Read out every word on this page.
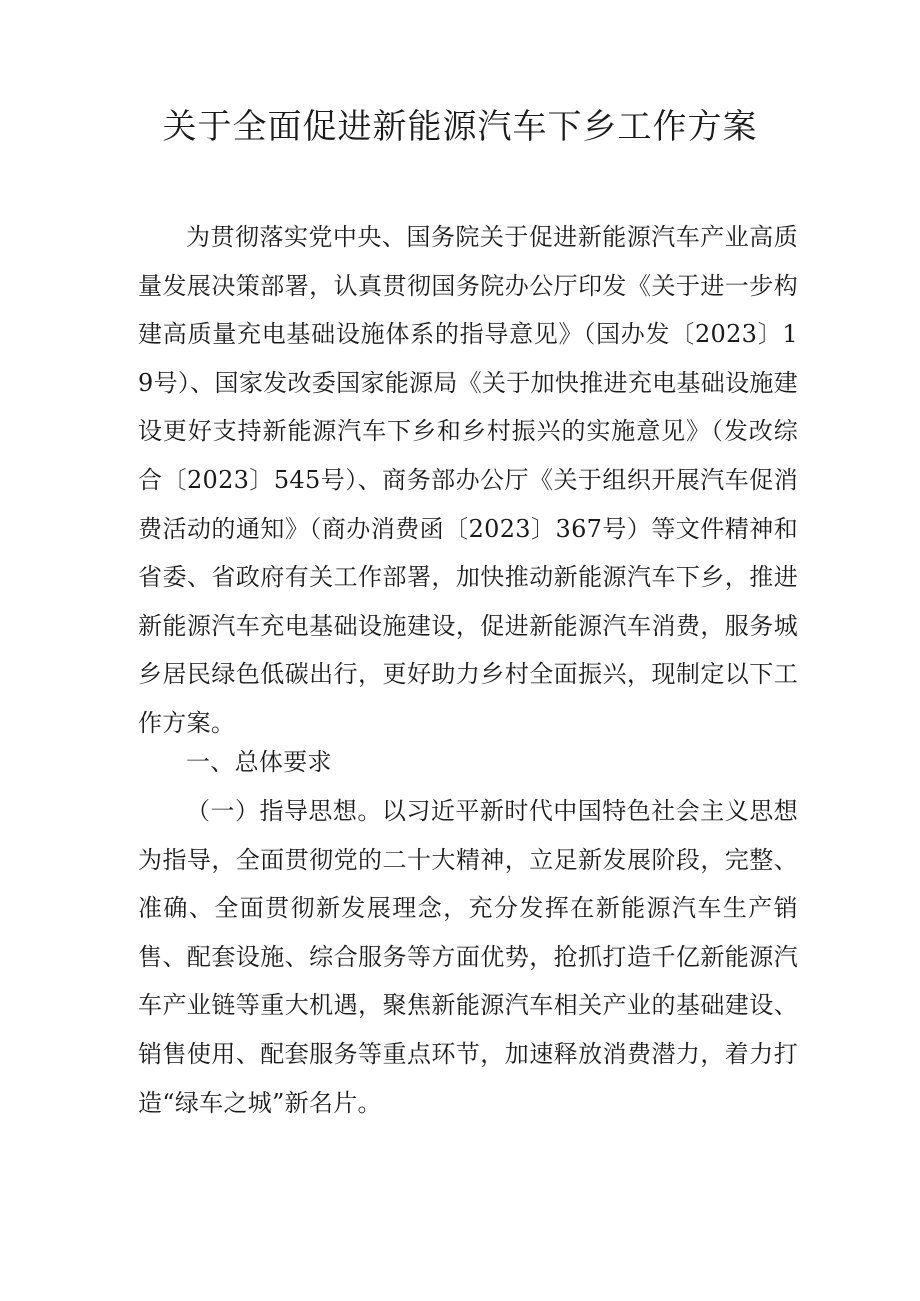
关于全面促进新能源汽车下乡工作方案

为贯彻落实党中央、国务院关于促进新能源汽车产业高质量发展决策部署，认真贯彻国务院办公厅印发《关于进一步构建高质量充电基础设施体系的指导意见》（国办发〔2023〕19号）、国家发改委国家能源局《关于加快推进充电基础设施建设更好支持新能源汽车下乡和乡村振兴的实施意见》（发改综合〔2023〕545号）、商务部办公厅《关于组织开展汽车促消费活动的通知》（商办消费函〔2023〕367号）等文件精神和省委、省政府有关工作部署，加快推动新能源汽车下乡，推进新能源汽车充电基础设施建设，促进新能源汽车消费，服务城乡居民绿色低碳出行，更好助力乡村全面振兴，现制定以下工作方案。

一、总体要求

（一）指导思想。以习近平新时代中国特色社会主义思想为指导，全面贯彻党的二十大精神，立足新发展阶段，完整、准确、全面贯彻新发展理念，充分发挥在新能源汽车生产销售、配套设施、综合服务等方面优势，抢抓打造千亿新能源汽车产业链等重大机遇，聚焦新能源汽车相关产业的基础建设、销售使用、配套服务等重点环节，加速释放消费潜力，着力打造“绿车之城”新名片。
